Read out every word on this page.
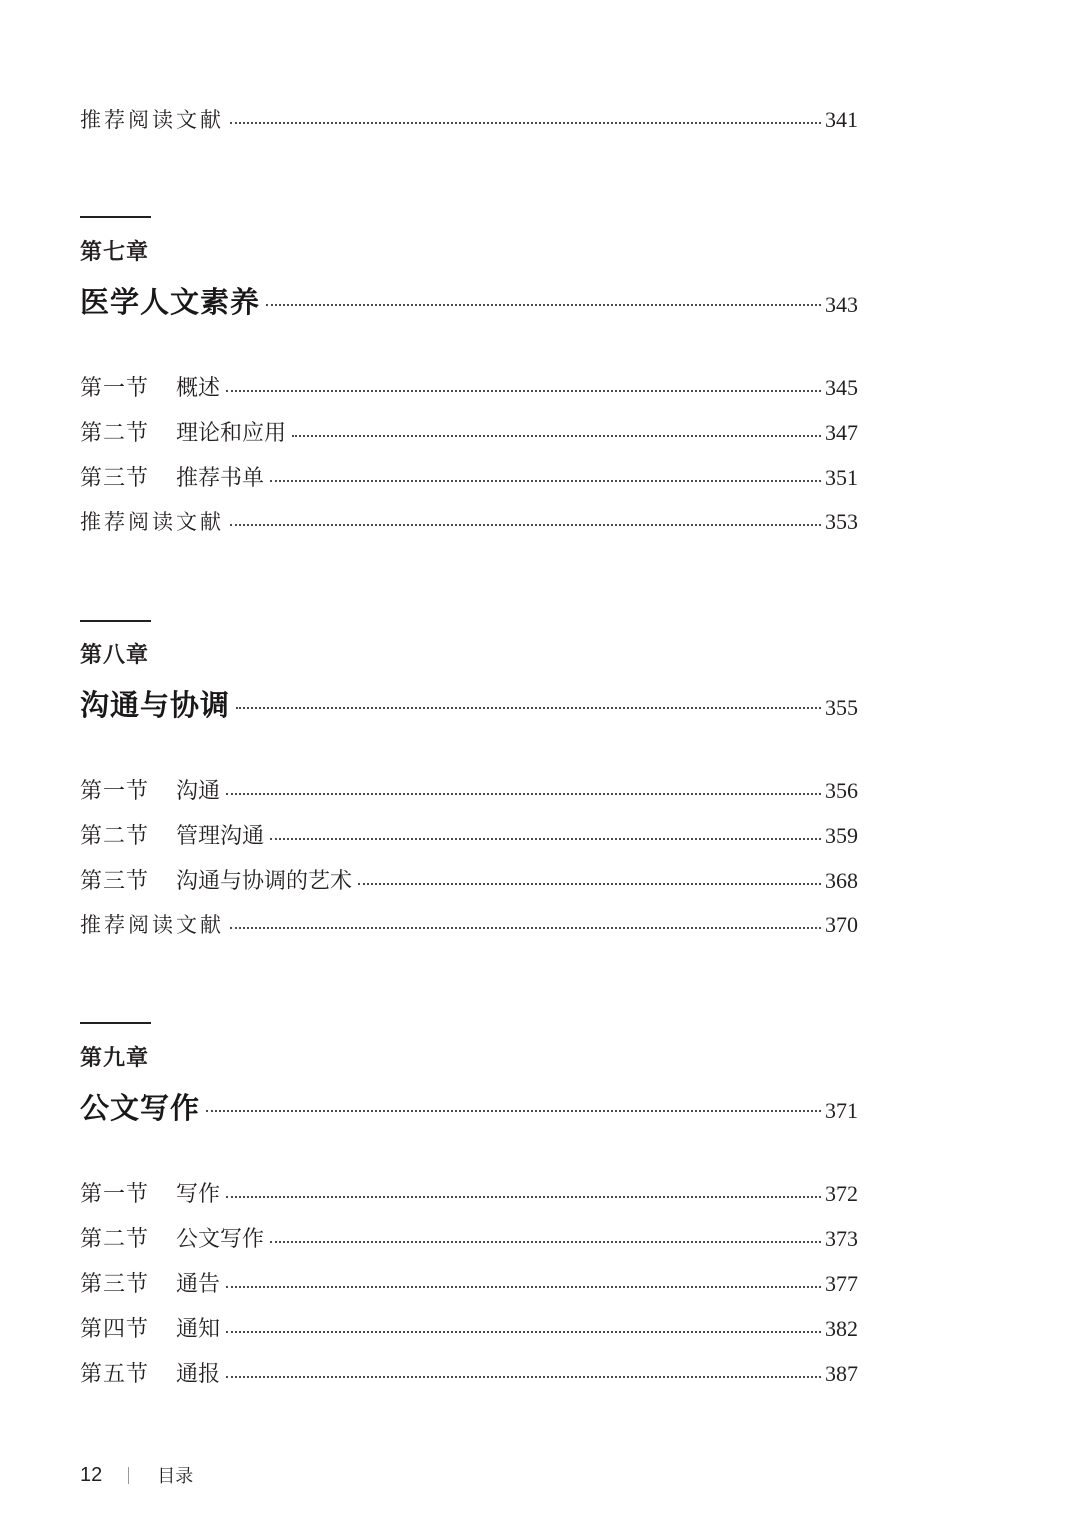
推荐阅读文献	341
第七章
医学人文素养	343
第一节 概述	345
第二节 理论和应用	347
第三节 推荐书单	351
推荐阅读文献	353
第八章
沟通与协调	355
第一节 沟通	356
第二节 管理沟通	359
第三节 沟通与协调的艺术	368
推荐阅读文献	370
第九章
公文写作	371
第一节 写作	372
第二节 公文写作	373
第三节 通告	377
第四节 通知	382
第五节 通报	387
12	目录
